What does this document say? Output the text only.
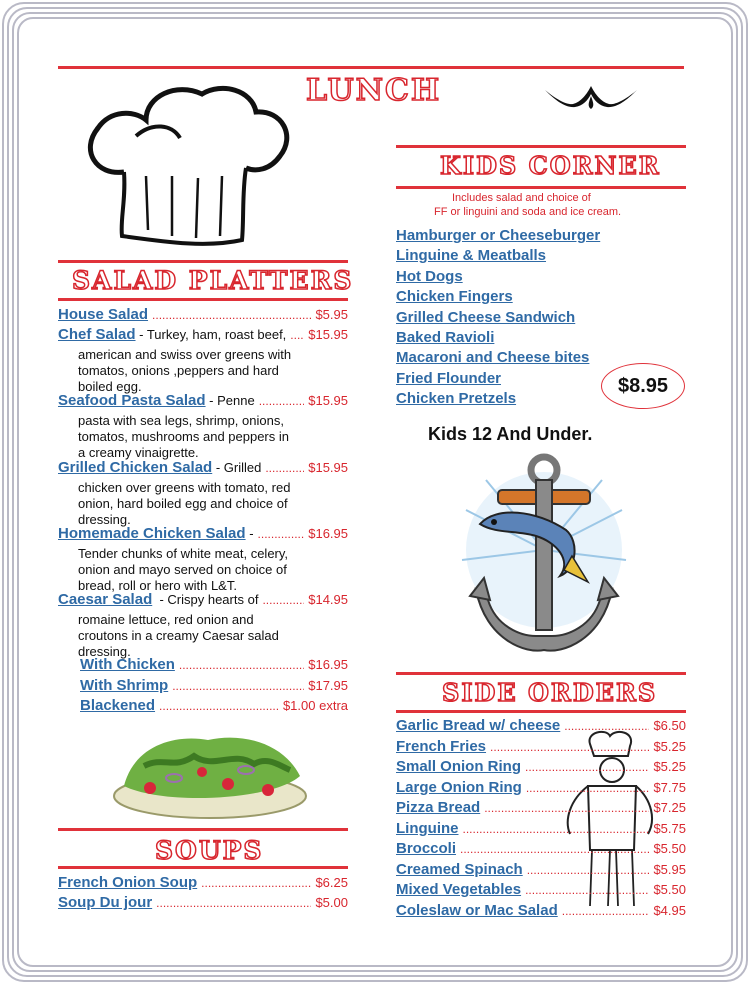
LUNCH
SALAD PLATTERS
House Salad .....	$5.95
Chef Salad - Turkey, ham, roast beef, ..... $15.95
american and swiss over greens with
tomatos, onions ,peppers and hard
boiled egg.
Seafood Pasta Salad - Penne .....	$15.95
pasta with sea legs, shrimp, onions,
tomatos, mushrooms and peppers in
a creamy vinaigrette.
Grilled Chicken Salad - Grilled .....	$15.95
chicken over greens with tomato, red
onion, hard boiled egg and choice of
dressing.
Homemade Chicken Salad - .....	$16.95
Tender chunks of white meat, celery,
onion and mayo served on choice of
bread, roll or hero with L&T.
Caesar Salad - Crispy hearts of .....	$14.95
romaine lettuce, red onion and
croutons in a creamy Caesar salad
dressing.
With Chicken .....	$16.95
With Shrimp .....	$17.95
Blackened .....	$1.00 extra
SOUPS
French Onion Soup .....	$6.25
Soup Du jour .....	$5.00
KIDS CORNER
Includes salad and choice of
FF or linguini and soda and ice cream.
Hamburger or Cheeseburger
Linguine & Meatballs
Hot Dogs
Chicken Fingers
Grilled Cheese Sandwich
Baked Ravioli
Macaroni and Cheese bites
Fried Flounder
Chicken Pretzels
$8.95
Kids 12 And Under.
SIDE ORDERS
Garlic Bread w/ cheese .....	$6.50
French Fries .....	$5.25
Small Onion Ring .....	$5.25
Large Onion Ring .....	$7.75
Pizza Bread .....	$7.25
Linguine .....	$5.75
Broccoli .....	$5.50
Creamed Spinach .....	$5.95
Mixed Vegetables .....	$5.50
Coleslaw or Mac Salad .....	$4.95
